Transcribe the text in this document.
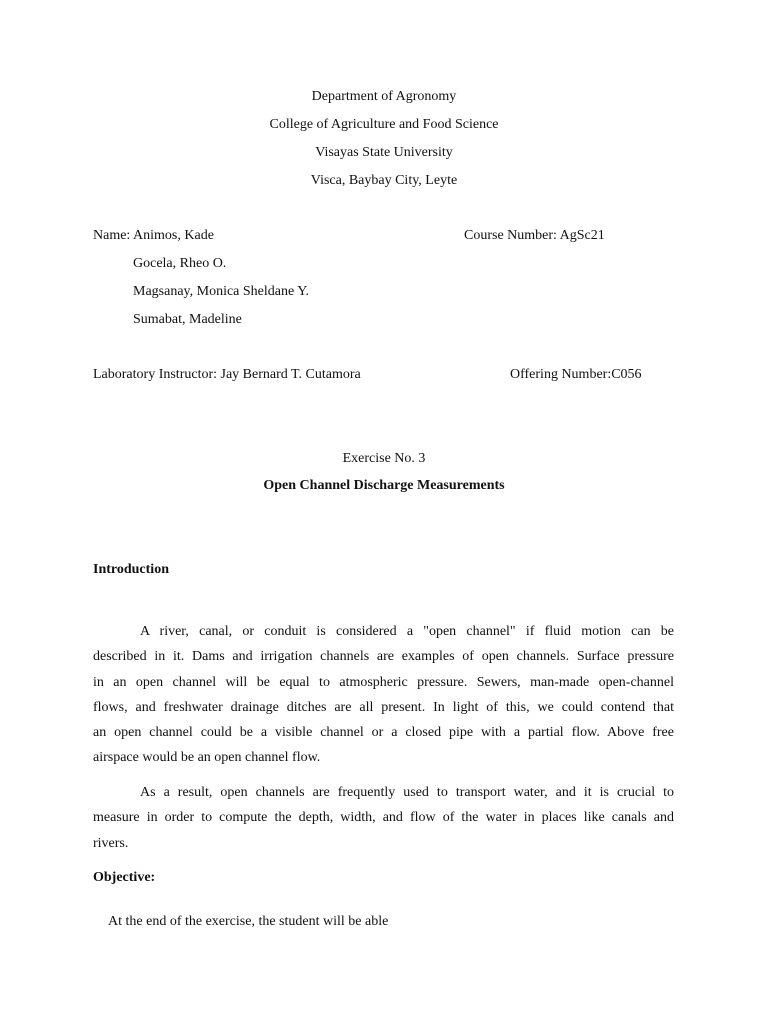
Department of Agronomy
College of Agriculture and Food Science
Visayas State University
Visca, Baybay City, Leyte
Name: Animos, Kade	Course Number: AgSc21
Gocela, Rheo O.
Magsanay, Monica Sheldane Y.
Sumabat, Madeline
Laboratory Instructor: Jay Bernard T. Cutamora	Offering Number:C056
Exercise No. 3
Open Channel Discharge Measurements
Introduction
A river, canal, or conduit is considered a "open channel" if fluid motion can be
described in it. Dams and irrigation channels are examples of open channels. Surface pressure
in an open channel will be equal to atmospheric pressure. Sewers, man-made open-channel
flows, and freshwater drainage ditches are all present. In light of this, we could contend that
an open channel could be a visible channel or a closed pipe with a partial flow. Above free
airspace would be an open channel flow.
As a result, open channels are frequently used to transport water, and it is crucial to
measure in order to compute the depth, width, and flow of the water in places like canals and
rivers.
Objective:
At the end of the exercise, the student will be able
